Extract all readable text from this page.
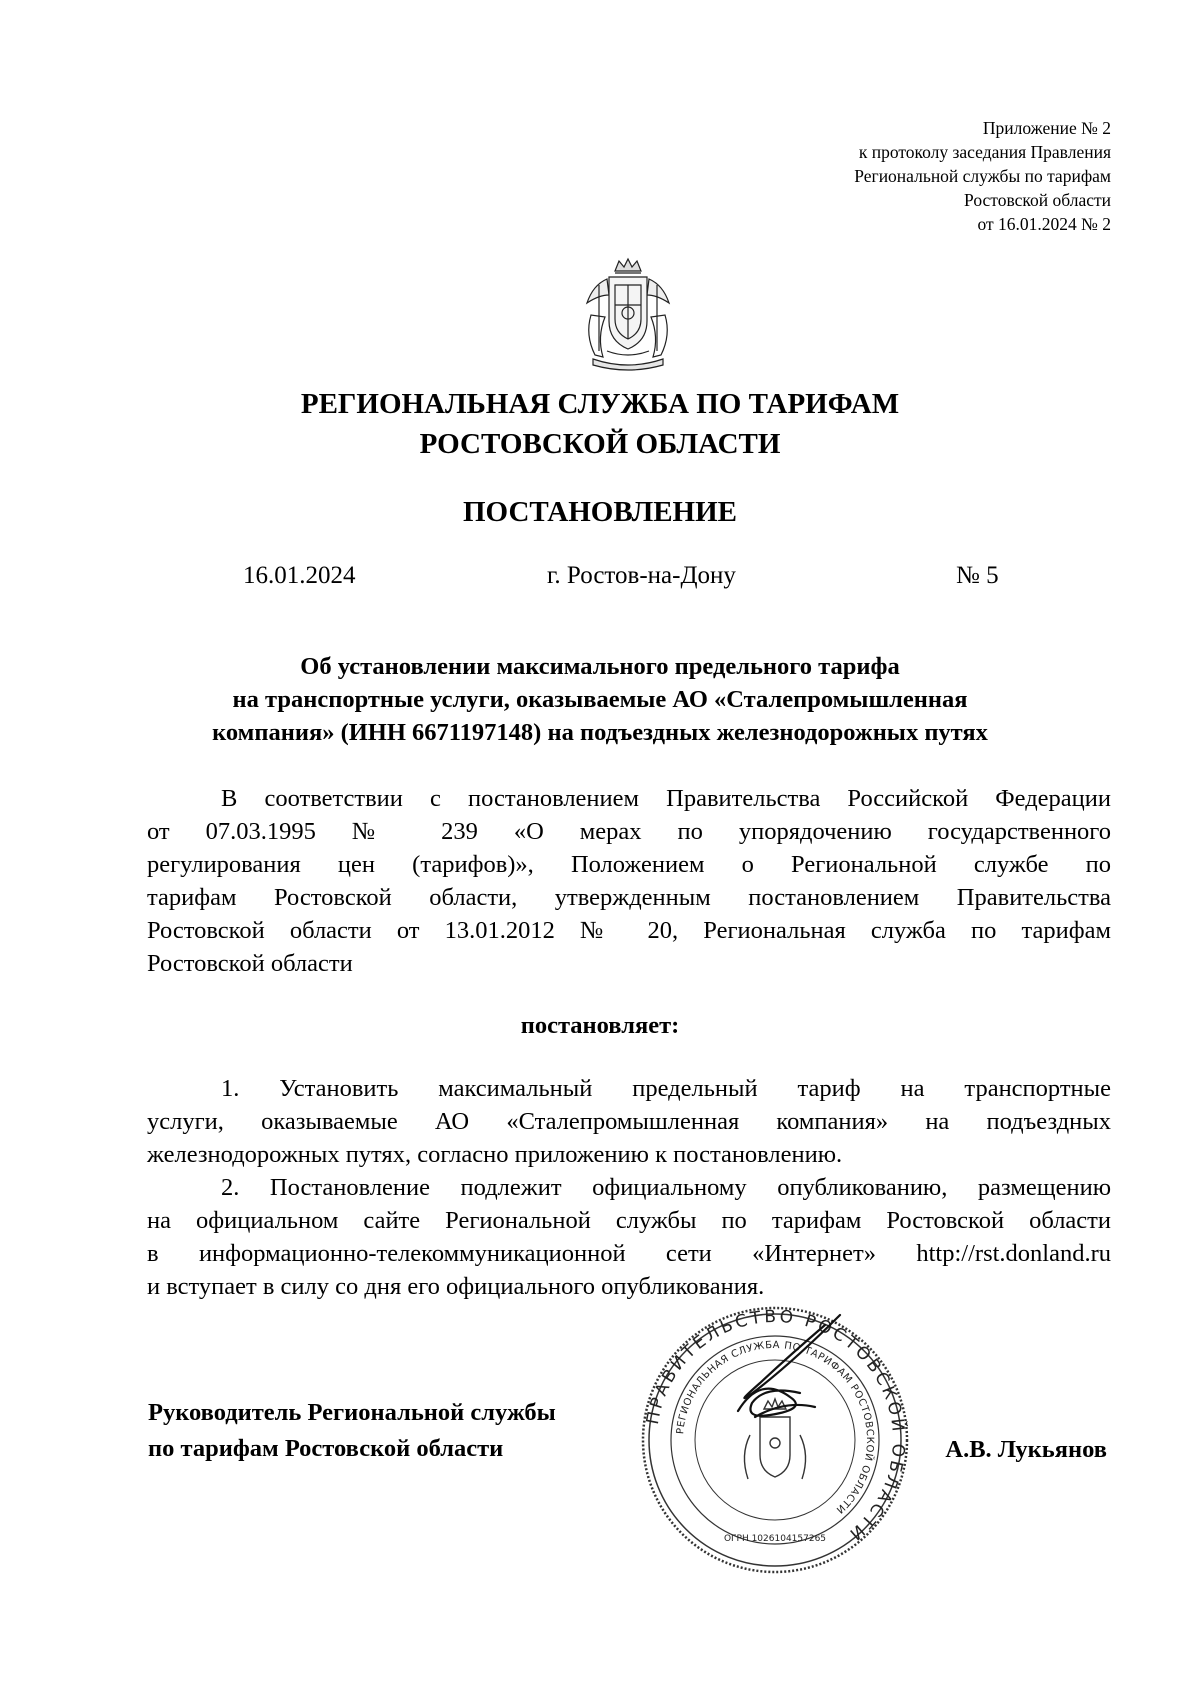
Приложение № 2
к протоколу заседания Правления
Региональной службы по тарифам
Ростовской области
от 16.01.2024 № 2
РЕГИОНАЛЬНАЯ СЛУЖБА ПО ТАРИФАМ
РОСТОВСКОЙ ОБЛАСТИ
ПОСТАНОВЛЕНИЕ
16.01.2024	г. Ростов-на-Дону	№ 5
Об установлении максимального предельного тарифа
на транспортные услуги, оказываемые АО «Сталепромышленная
компания» (ИНН 6671197148) на подъездных железнодорожных путях
В соответствии с постановлением Правительства Российской Федерации
от 07.03.1995 № 239 «О мерах по упорядочению государственного
регулирования цен (тарифов)», Положением о Региональной службе по
тарифам Ростовской области, утвержденным постановлением Правительства
Ростовской области от 13.01.2012 № 20, Региональная служба по тарифам
Ростовской области
постановляет:
1. Установить максимальный предельный тариф на транспортные
услуги, оказываемые АО «Сталепромышленная компания» на подъездных
железнодорожных путях, согласно приложению к постановлению.
2. Постановление подлежит официальному опубликованию, размещению
на официальном сайте Региональной службы по тарифам Ростовской области
в информационно-телекоммуникационной сети «Интернет» http://rst.donland.ru
и вступает в силу со дня его официального опубликования.
ПРАВИТЕЛЬСТВО РОСТОВСКОЙ ОБЛАСТИ
РЕГИОНАЛЬНАЯ СЛУЖБА ПО ТАРИФАМ РОСТОВСКОЙ ОБЛАСТИ
ОГРН 1026104157265
Руководитель Региональной службы
по тарифам Ростовской области	А.В. Лукьянов
